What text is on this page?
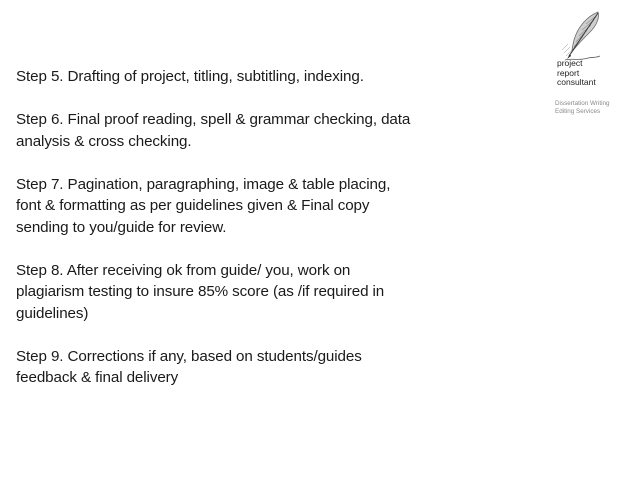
project
report
consultant
Dissertation Writing
Editing Services

Step 5. Drafting of project, titling, subtitling, indexing.

Step 6. Final proof reading, spell & grammar checking, data analysis & cross checking.

Step 7. Pagination, paragraphing, image & table placing, font & formatting as per guidelines given & Final copy sending to you/guide for review.

Step 8. After receiving ok from guide/ you, work on plagiarism testing to insure 85% score (as /if required in guidelines)

Step 9. Corrections if any, based on students/guides feedback & final delivery
